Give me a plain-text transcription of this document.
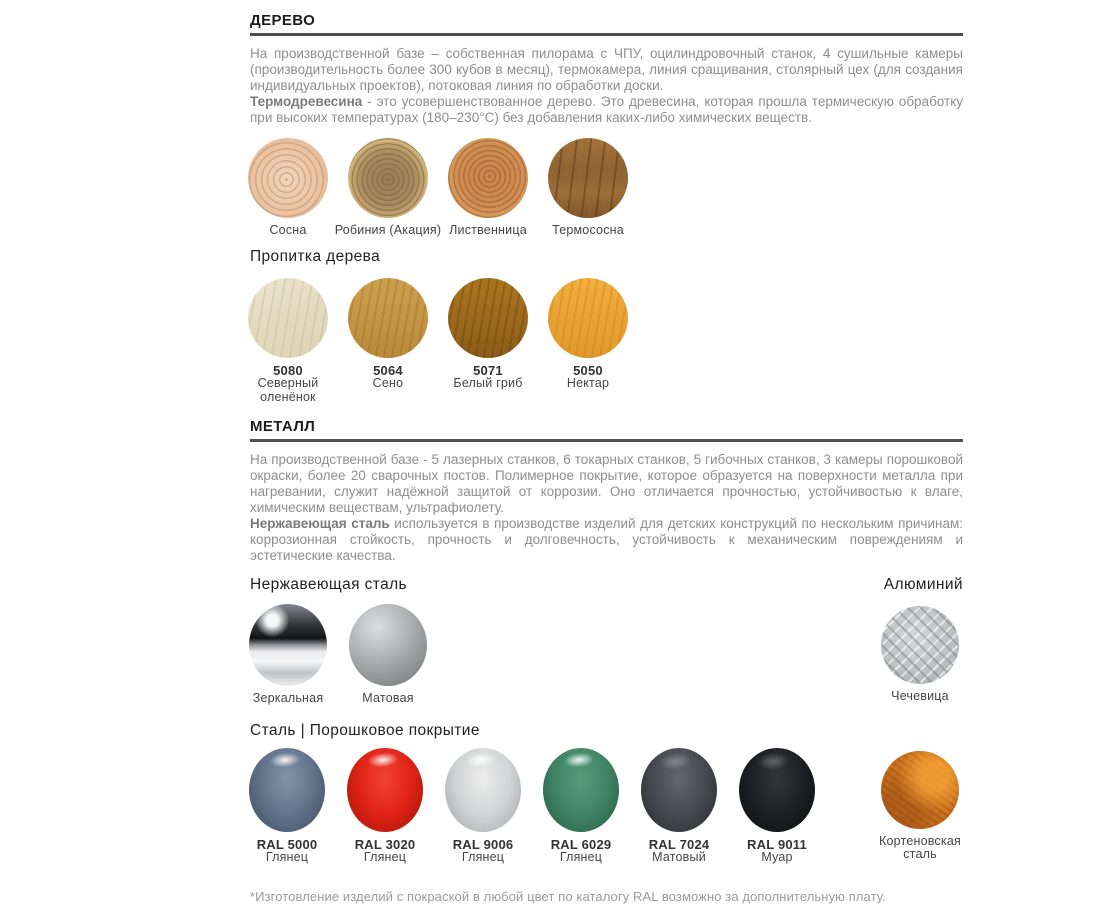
ДЕРЕВО

На производственной базе – собственная пилорама с ЧПУ, оцилиндровочный станок, 4 сушильные камеры (производительность более 300 кубов в месяц), термокамера, линия сращивания, столярный цех (для создания индивидуальных проектов), потоковая линия по обработки доски.

Термодревесина - это усовершенствованное дерево. Это древесина, которая прошла термическую обработку при высоких температурах (180–230°C) без добавления каких-либо химических веществ.

Сосна Робиния (Акация) Лиственница Термососна
Пропитка дерева
5080
Северный оленёнок
5064
Сено
5071
Белый гриб
5050
Нектар
МЕТАЛЛ

На производственной базе - 5 лазерных станков, 6 токарных станков, 5 гибочных станков, 3 камеры порошковой окраски, более 20 сварочных постов. Полимерное покрытие, которое образуется на поверхности металла при нагревании, служит надёжной защитой от коррозии. Оно отличается прочностью, устойчивостью к влаге, химическим веществам, ультрафиолету.

Нержавеющая сталь используется в производстве изделий для детских конструкций по нескольким причинам: коррозионная стойкость, прочность и долговечность, устойчивость к механическим повреждениям и эстетические качества.

Нержавеющая сталь	Алюминий
Зеркальная	Матовая	Чечевица
Сталь | Порошковое покрытие
RAL 5000
Глянец
RAL 3020
Глянец
RAL 9006
Глянец
RAL 6029
Глянец
RAL 7024
Матовый
RAL 9011
Муар
Кортеновская сталь
*Изготовление изделий с покраской в любой цвет по каталогу RAL возможно за дополнительную плату.
